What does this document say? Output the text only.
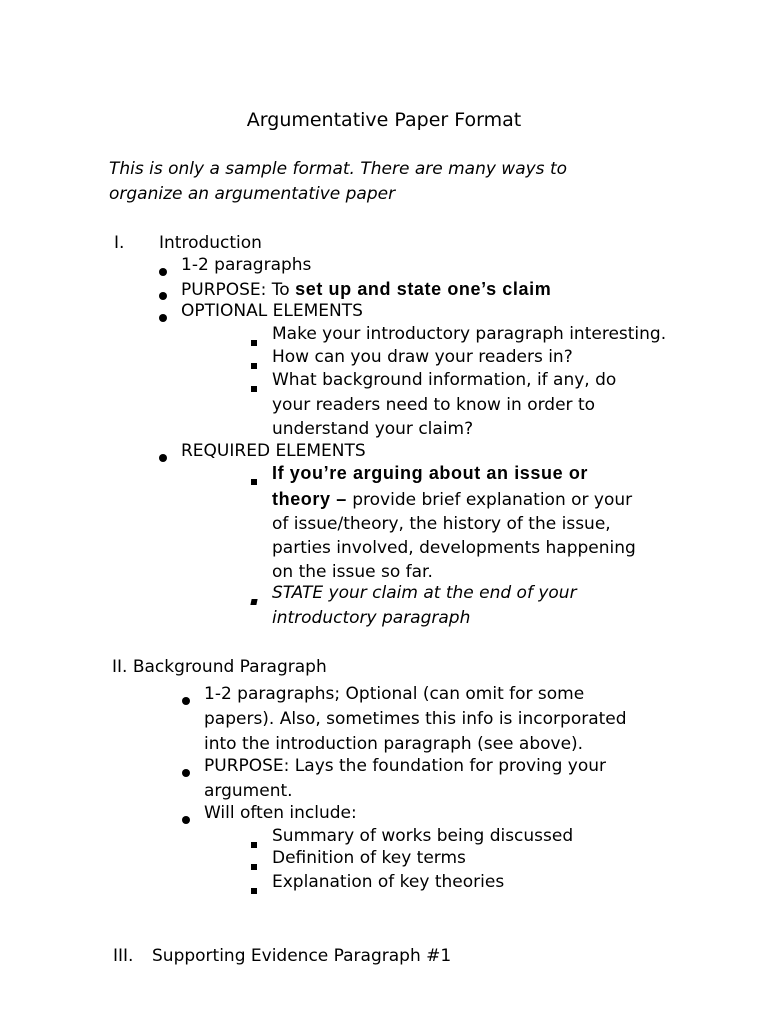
Argumentative Paper Format
This is only a sample format. There are many ways to
organize an argumentative paper
I. Introduction
1-2 paragraphs
PURPOSE: To set up and state one’s claim
OPTIONAL ELEMENTS
Make your introductory paragraph interesting.
How can you draw your readers in?
What background information, if any, do
your readers need to know in order to
understand your claim?
REQUIRED ELEMENTS
If you’re arguing about an issue or
theory – provide brief explanation or your
of issue/theory, the history of the issue,
parties involved, developments happening
on the issue so far.
STATE your claim at the end of your
introductory paragraph
II. Background Paragraph
1-2 paragraphs; Optional (can omit for some
papers). Also, sometimes this info is incorporated
into the introduction paragraph (see above).
PURPOSE: Lays the foundation for proving your
argument.
Will often include:
Summary of works being discussed
Definition of key terms
Explanation of key theories
III. Supporting Evidence Paragraph #1
